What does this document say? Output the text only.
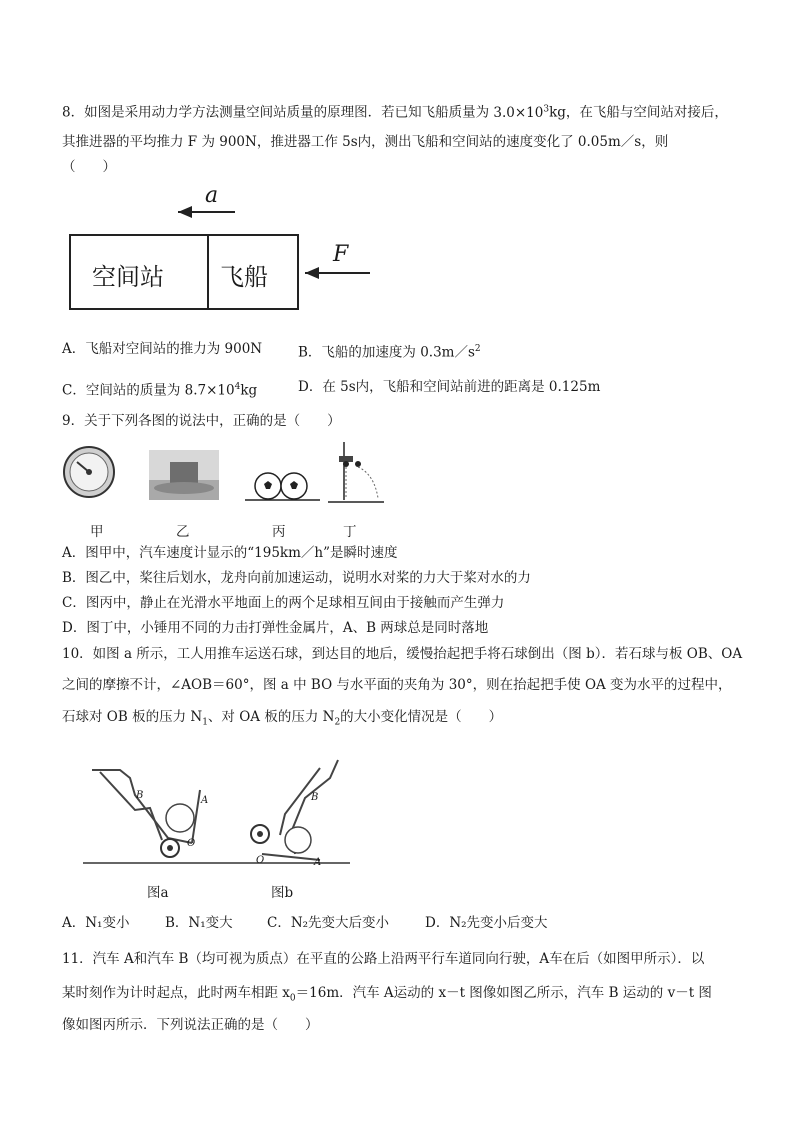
8．如图是采用动力学方法测量空间站质量的原理图．若已知飞船质量为 $3.0\times 10^3kg$，在飞船与空间站对接后，
其推进器的平均推力 F 为 900N，推进器工作 5s内，测出飞船和空间站的速度变化了 0.05m／s，则
（　　）
a
空间站 飞船
F
A．飞船对空间站的推力为 900N	B．飞船的加速度为 $0.3m/s^2$
C．空间站的质量为 $8.7\times 10^4kg$	D．在 5s内，飞船和空间站前进的距离是 0.125m
9．关于下列各图的说法中，正确的是（　　）
甲	乙	丙	丁
A．图甲中，汽车速度计显示的“195km／h”是瞬时速度
B．图乙中，桨往后划水，龙舟向前加速运动，说明水对桨的力大于桨对水的力
C．图丙中，静止在光滑水平地面上的两个足球相互间由于接触而产生弹力
D．图丁中，小锤用不同的力击打弹性金属片，A、B 两球总是同时落地
10．如图 a 所示，工人用推车运送石球，到达目的地后，缓慢抬起把手将石球倒出（图 b）．若石球与板 OB、OA
之间的摩擦不计，∠AOB＝60°，图 a 中 BO 与水平面的夹角为 30°，则在抬起把手使 OA 变为水平的过程中，
石球对 OB 板的压力 $N_1$、对 OA 板的压力 $N_2$的大小变化情况是（　　）
B	A
O
B
O	A
图a	图b
A．N₁变小	B．N₁变大	C．N₂先变大后变小	D．N₂先变小后变大
11．汽车 A和汽车 B（均可视为质点）在平直的公路上沿两平行车道同向行驶，A车在后（如图甲所示）．以
某时刻作为计时起点，此时两车相距 $x_0=16m$．汽车 A运动的 x－t 图像如图乙所示，汽车 B 运动的 v－t 图
像如图丙所示．下列说法正确的是（　　）
